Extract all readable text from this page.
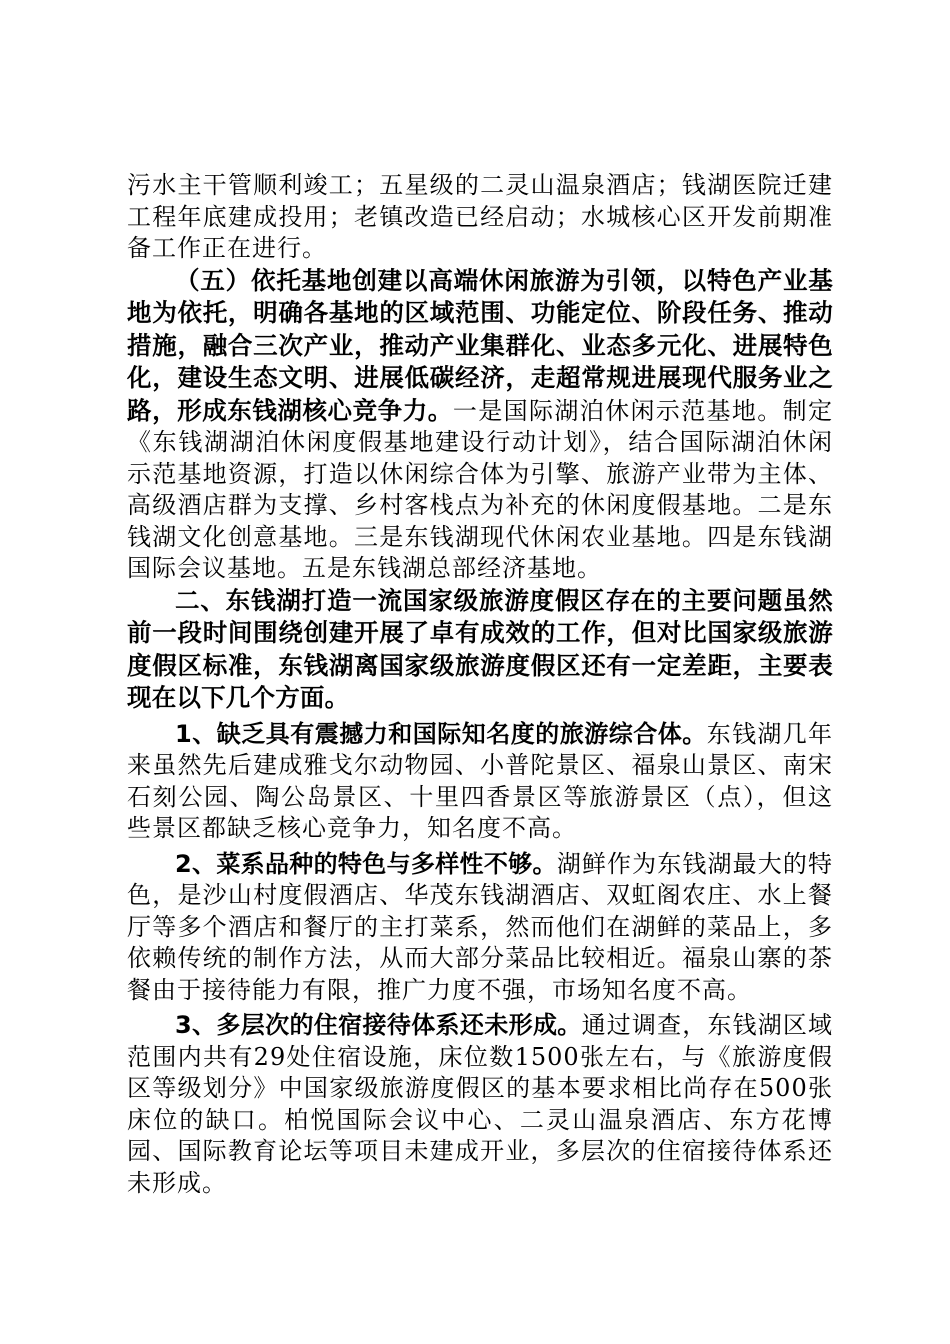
污水主干管顺利竣工；五星级的二灵山温泉酒店；钱湖医院迁建工程年底建成投用；老镇改造已经启动；水城核心区开发前期准备工作正在进行。

（五）依托基地创建以高端休闲旅游为引领，以特色产业基地为依托，明确各基地的区域范围、功能定位、阶段任务、推动措施，融合三次产业，推动产业集群化、业态多元化、进展特色化，建设生态文明、进展低碳经济，走超常规进展现代服务业之路，形成东钱湖核心竞争力。一是国际湖泊休闲示范基地。制定《东钱湖湖泊休闲度假基地建设行动计划》，结合国际湖泊休闲示范基地资源，打造以休闲综合体为引擎、旅游产业带为主体、高级酒店群为支撑、乡村客栈点为补充的休闲度假基地。二是东钱湖文化创意基地。三是东钱湖现代休闲农业基地。四是东钱湖国际会议基地。五是东钱湖总部经济基地。

二、东钱湖打造一流国家级旅游度假区存在的主要问题虽然前一段时间围绕创建开展了卓有成效的工作，但对比国家级旅游度假区标准，东钱湖离国家级旅游度假区还有一定差距，主要表现在以下几个方面。

1、缺乏具有震撼力和国际知名度的旅游综合体。东钱湖几年来虽然先后建成雅戈尔动物园、小普陀景区、福泉山景区、南宋石刻公园、陶公岛景区、十里四香景区等旅游景区（点），但这些景区都缺乏核心竞争力，知名度不高。

2、菜系品种的特色与多样性不够。湖鲜作为东钱湖最大的特色，是沙山村度假酒店、华茂东钱湖酒店、双虹阁农庄、水上餐厅等多个酒店和餐厅的主打菜系，然而他们在湖鲜的菜品上，多依赖传统的制作方法，从而大部分菜品比较相近。福泉山寨的茶餐由于接待能力有限，推广力度不强，市场知名度不高。

3、多层次的住宿接待体系还未形成。通过调查，东钱湖区域范围内共有29处住宿设施，床位数1500张左右，与《旅游度假区等级划分》中国家级旅游度假区的基本要求相比尚存在500张床位的缺口。柏悦国际会议中心、二灵山温泉酒店、东方花博园、国际教育论坛等项目未建成开业，多层次的住宿接待体系还未形成。
